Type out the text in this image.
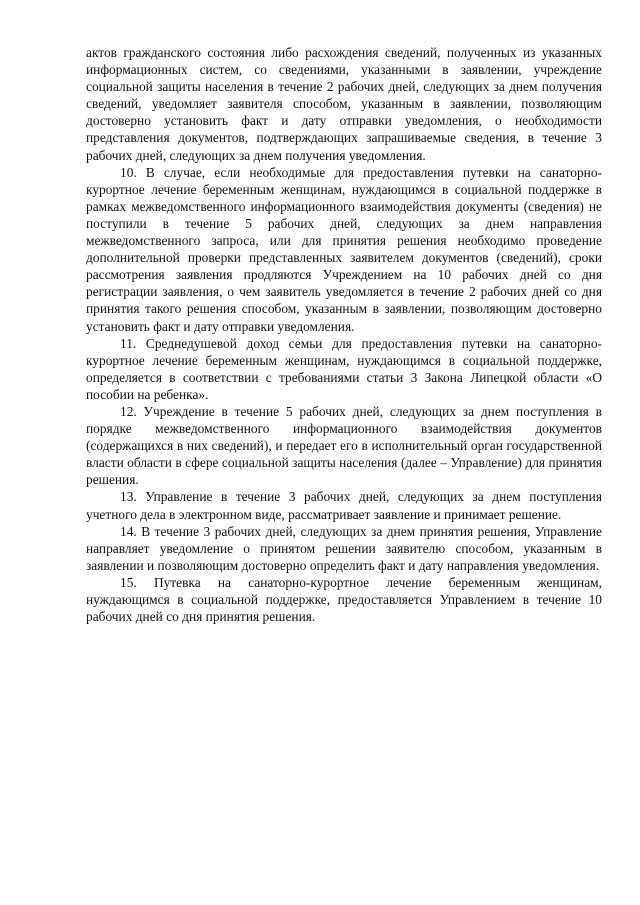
актов гражданского состояния либо расхождения сведений, полученных из указанных информационных систем, со сведениями, указанными в заявлении, учреждение социальной защиты населения в течение 2 рабочих дней, следующих за днем получения сведений, уведомляет заявителя способом, указанным в заявлении, позволяющим достоверно установить факт и дату отправки уведомления, о необходимости представления документов, подтверждающих запрашиваемые сведения, в течение 3 рабочих дней, следующих за днем получения уведомления.

10. В случае, если необходимые для предоставления путевки на санаторно-курортное лечение беременным женщинам, нуждающимся в социальной поддержке в рамках межведомственного информационного взаимодействия документы (сведения) не поступили в течение 5 рабочих дней, следующих за днем направления межведомственного запроса, или для принятия решения необходимо проведение дополнительной проверки представленных заявителем документов (сведений), сроки рассмотрения заявления продляются Учреждением на 10 рабочих дней со дня регистрации заявления, о чем заявитель уведомляется в течение 2 рабочих дней со дня принятия такого решения способом, указанным в заявлении, позволяющим достоверно установить факт и дату отправки уведомления.

11. Среднедушевой доход семьи для предоставления путевки на санаторно-курортное лечение беременным женщинам, нуждающимся в социальной поддержке, определяется в соответствии с требованиями статьи 3 Закона Липецкой области «О пособии на ребенка».

12. Учреждение в течение 5 рабочих дней, следующих за днем поступления в порядке межведомственного информационного взаимодействия документов (содержащихся в них сведений), и передает его в исполнительный орган государственной власти области в сфере социальной защиты населения (далее – Управление) для принятия решения.

13. Управление в течение 3 рабочих дней, следующих за днем поступления учетного дела в электронном виде, рассматривает заявление и принимает решение.

14. В течение 3 рабочих дней, следующих за днем принятия решения, Управление направляет уведомление о принятом решении заявителю способом, указанным в заявлении и позволяющим достоверно определить факт и дату направления уведомления.

15. Путевка на санаторно-курортное лечение беременным женщинам, нуждающимся в социальной поддержке, предоставляется Управлением в течение 10 рабочих дней со дня принятия решения.
